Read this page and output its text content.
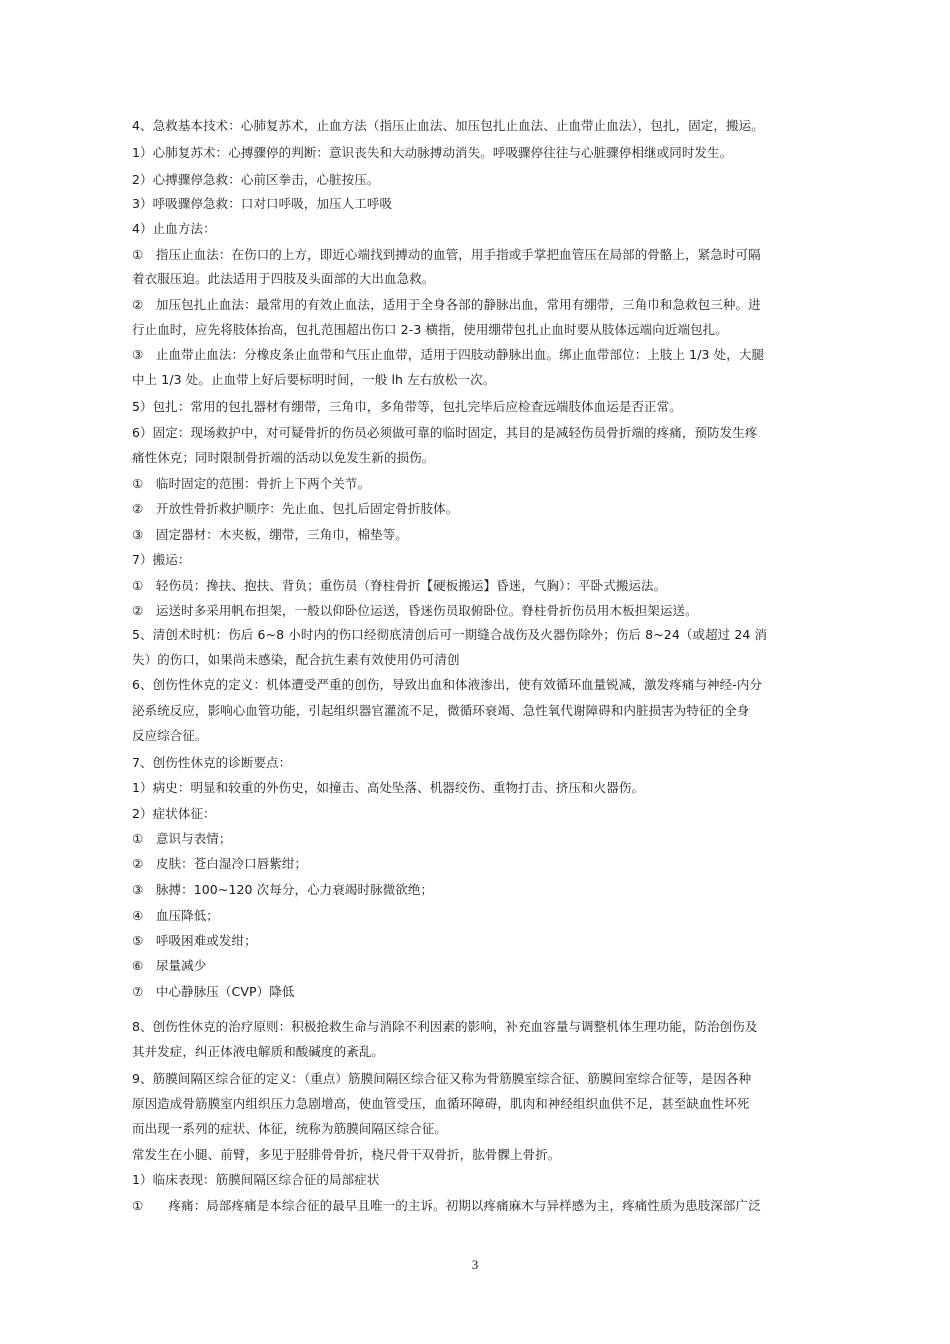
4、急救基本技术：心肺复苏术，止血方法（指压止血法、加压包扎止血法、止血带止血法），包扎，固定，搬运。
1）心肺复苏术：心搏骤停的判断：意识丧失和大动脉搏动消失。呼吸骤停往往与心脏骤停相继或同时发生。
2）心搏骤停急救：心前区拳击，心脏按压。
3）呼吸骤停急救：口对口呼吸，加压人工呼吸
4）止血方法：
①　指压止血法：在伤口的上方，即近心端找到搏动的血管，用手指或手掌把血管压在局部的骨骼上，紧急时可隔
着衣服压迫。此法适用于四肢及头面部的大出血急救。
②　加压包扎止血法：最常用的有效止血法，适用于全身各部的静脉出血，常用有绷带，三角巾和急救包三种。进
行止血时，应先将肢体抬高，包扎范围超出伤口 2-3 横指，使用绷带包扎止血时要从肢体远端向近端包扎。
③　止血带止血法：分橡皮条止血带和气压止血带，适用于四肢动静脉出血。绑止血带部位：上肢上 1/3 处，大腿
中上 1/3 处。止血带上好后要标明时间，一般 lh 左右放松一次。
5）包扎：常用的包扎器材有绷带，三角巾，多角带等，包扎完毕后应检查远端肢体血运是否正常。
6）固定：现场救护中，对可疑骨折的伤员必须做可靠的临时固定，其目的是减轻伤员骨折端的疼痛，预防发生疼
痛性休克；同时限制骨折端的活动以免发生新的损伤。
①　临时固定的范围：骨折上下两个关节。
②　开放性骨折救护顺序：先止血、包扎后固定骨折肢体。
③　固定器材：木夹板，绷带，三角巾，棉垫等。
7）搬运：
①　轻伤员：搀扶、抱扶、背负；重伤员（脊柱骨折【硬板搬运】昏迷，气胸）：平卧式搬运法。
②　运送时多采用帆布担架，一般以仰卧位运送，昏迷伤员取俯卧位。脊柱骨折伤员用木板担架运送。
5、清创术时机：伤后 6~8 小时内的伤口经彻底清创后可一期缝合战伤及火器伤除外；伤后 8~24（或超过 24 消
失）的伤口，如果尚未感染，配合抗生素有效使用仍可清创
6、创伤性休克的定义：机体遭受严重的创伤，导致出血和体液渗出，使有效循环血量锐减，激发疼痛与神经-内分
泌系统反应，影响心血管功能，引起组织器官灌流不足，微循环衰竭、急性氧代谢障碍和内脏损害为特征的全身
反应综合征。
7、创伤性休克的诊断要点：
1）病史：明显和较重的外伤史，如撞击、高处坠落、机器绞伤、重物打击、挤压和火器伤。
2）症状体征：
①　意识与表情；
②　皮肤：苍白湿冷口唇紫绀；
③　脉搏：100~120 次每分，心力衰竭时脉微欲绝；
④　血压降低；
⑤　呼吸困难或发绀；
⑥　尿量减少
⑦　中心静脉压（CVP）降低
8、创伤性休克的治疗原则：积极抢救生命与消除不利因素的影响，补充血容量与调整机体生理功能，防治创伤及
其并发症，纠正体液电解质和酸碱度的紊乱。
9、筋膜间隔区综合征的定义：（重点）筋膜间隔区综合征又称为骨筋膜室综合征、筋膜间室综合征等，是因各种
原因造成骨筋膜室内组织压力急剧增高，使血管受压，血循环障碍，肌肉和神经组织血供不足，甚至缺血性坏死
而出现一系列的症状、体征，统称为筋膜间隔区综合征。
常发生在小腿、前臂，多见于胫腓骨骨折，桡尺骨干双骨折，肱骨髁上骨折。
1）临床表现：筋膜间隔区综合征的局部症状
①　　疼痛：局部疼痛是本综合征的最早且唯一的主诉。初期以疼痛麻木与异样感为主，疼痛性质为患肢深部广泛
3
